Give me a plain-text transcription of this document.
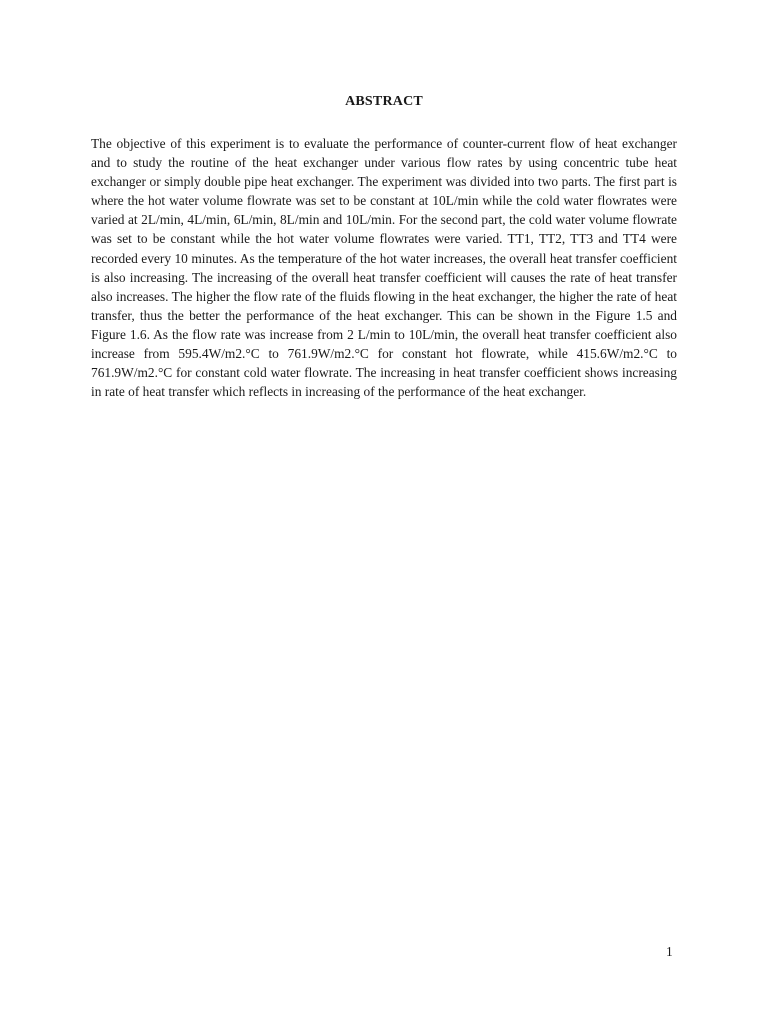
ABSTRACT

The objective of this experiment is to evaluate the performance of counter-current flow of heat exchanger and to study the routine of the heat exchanger under various flow rates by using concentric tube heat exchanger or simply double pipe heat exchanger. The experiment was divided into two parts. The first part is where the hot water volume flowrate was set to be constant at 10L/min while the cold water flowrates were varied at 2L/min, 4L/min, 6L/min, 8L/min and 10L/min. For the second part, the cold water volume flowrate was set to be constant while the hot water volume flowrates were varied. TT1, TT2, TT3 and TT4 were recorded every 10 minutes. As the temperature of the hot water increases, the overall heat transfer coefficient is also increasing. The increasing of the overall heat transfer coefficient will causes the rate of heat transfer also increases. The higher the flow rate of the fluids flowing in the heat exchanger, the higher the rate of heat transfer, thus the better the performance of the heat exchanger. This can be shown in the Figure 1.5 and Figure 1.6. As the flow rate was increase from 2 L/min to 10L/min, the overall heat transfer coefficient also increase from 595.4W/m2.°C to 761.9W/m2.°C for constant hot flowrate, while 415.6W/m2.°C to 761.9W/m2.°C for constant cold water flowrate. The increasing in heat transfer coefficient shows increasing in rate of heat transfer which reflects in increasing of the performance of the heat exchanger.

1
